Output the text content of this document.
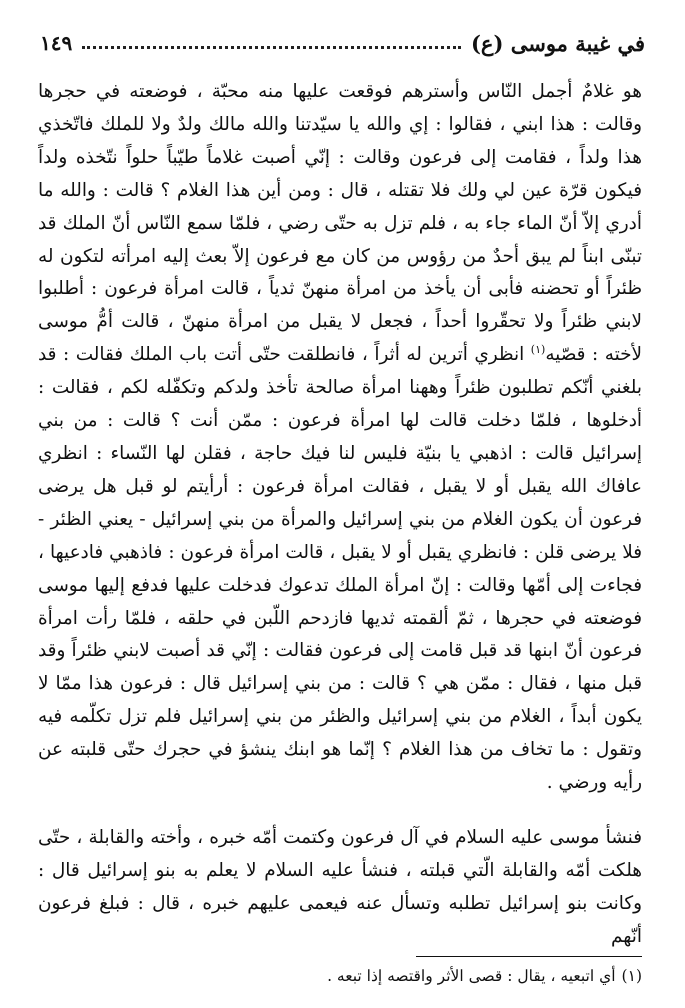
في غيبة موسى (ع)
١٤٩

هو غلامٌ أجمل النّاس وأسترهم فوقعت عليها منه محبّة ، فوضعته في حجرها وقالت : هذا ابني ، فقالوا : إي والله يا سيّدتنا والله مالك ولدٌ ولا للملك فاتّخذي هذا ولداً ، فقامت إلى فرعون وقالت : إنّي أصبت غلاماً طيّباً حلواً نتّخذه ولداً فيكون قرّة عين لي ولك فلا تقتله ، قال : ومن أين هذا الغلام ؟ قالت : والله ما أدري إلاّ أنّ الماء جاء به ، فلم تزل به حتّى رضي ، فلمّا سمع النّاس أنّ الملك قد تبنّى ابناً لم يبق أحدٌ من رؤوس من كان مع فرعون إلاّ بعث إليه امرأته لتكون له ظئراً أو تحضنه فأبى أن يأخذ من امرأة منهنّ ثدياً ، قالت امرأة فرعون : أطلبوا لابني ظئراً ولا تحقّروا أحداً ، فجعل لا يقبل من امرأة منهنّ ، قالت أمُّ موسى لأخته : قصّيه$^{(١)}$ انظري أترين له أثراً ، فانطلقت حتّى أتت باب الملك فقالت : قد بلغني أنّكم تطلبون ظئراً وههنا امرأة صالحة تأخذ ولدكم وتكفّله لكم ، فقالت : أدخلوها ، فلمّا دخلت قالت لها امرأة فرعون : ممّن أنت ؟ قالت : من بني إسرائيل قالت : اذهبي يا بنيّة فليس لنا فيك حاجة ، فقلن لها النّساء : انظري عافاك الله يقبل أو لا يقبل ، فقالت امرأة فرعون : أرأيتم لو قبل هل يرضى فرعون أن يكون الغلام من بني إسرائيل والمرأة من بني إسرائيل - يعني الظئر - فلا يرضى قلن : فانظري يقبل أو لا يقبل ، قالت امرأة فرعون : فاذهبي فادعيها ، فجاءت إلى أمّها وقالت : إنّ امرأة الملك تدعوك فدخلت عليها فدفع إليها موسى فوضعته في حجرها ، ثمّ ألقمته ثديها فازدحم اللّبن في حلقه ، فلمّا رأت امرأة فرعون أنّ ابنها قد قبل قامت إلى فرعون فقالت : إنّي قد أصبت لابني ظئراً وقد قبل منها ، فقال : ممّن هي ؟ قالت : من بني إسرائيل قال : فرعون هذا ممّا لا يكون أبداً ، الغلام من بني إسرائيل والظئر من بني إسرائيل فلم تزل تكلّمه فيه وتقول : ما تخاف من هذا الغلام ؟ إنّما هو ابنك ينشؤ في حجرك حتّى قلبته عن رأيه ورضي .

فنشأ موسى عليه السلام في آل فرعون وكتمت أمّه خبره ، وأخته والقابلة ، حتّى هلكت أمّه والقابلة الّتي قبلته ، فنشأ عليه السلام لا يعلم به بنو إسرائيل قال : وكانت بنو إسرائيل تطلبه وتسأل عنه فيعمى عليهم خبره ، قال : فبلغ فرعون أنّهم

(١)أي اتبعيه ، يقال : قصى الأثر واقتصه إذا تبعه .
